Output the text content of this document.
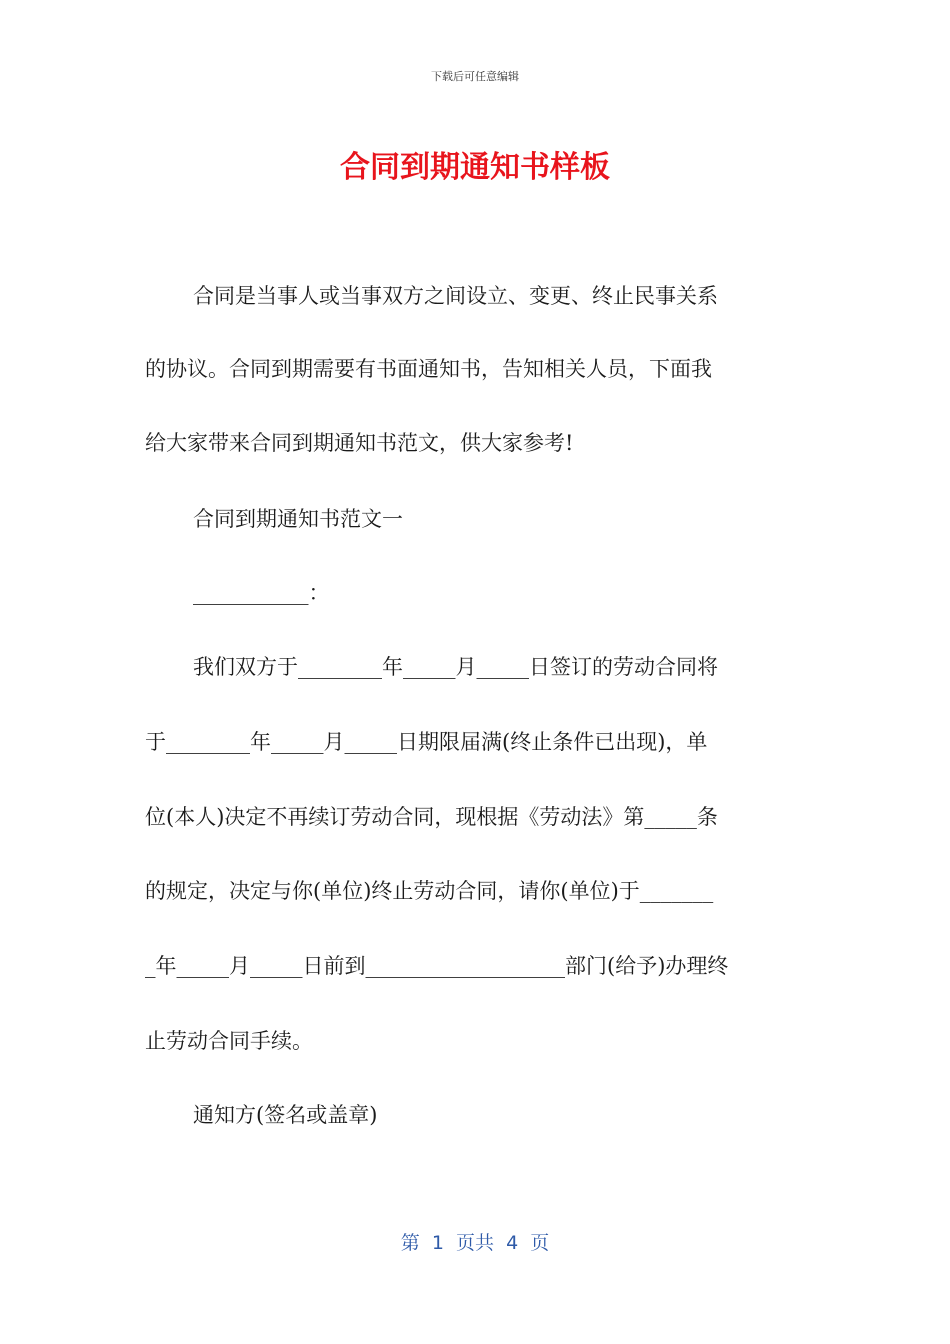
下载后可任意编辑
合同到期通知书样板

合同是当事人或当事双方之间设立、变更、终止民事关系

的协议。合同到期需要有书面通知书，告知相关人员，下面我

给大家带来合同到期通知书范文，供大家参考!

合同到期通知书范文一

___________：

我们双方于________年_____月_____日签订的劳动合同将

于________年_____月_____日期限届满(终止条件已出现)，单

位(本人)决定不再续订劳动合同，现根据《劳动法》第_____条

的规定，决定与你(单位)终止劳动合同，请你(单位)于_______

_年_____月_____日前到___________________部门(给予)办理终

止劳动合同手续。

通知方(签名或盖章)

第  1  页共  4  页
